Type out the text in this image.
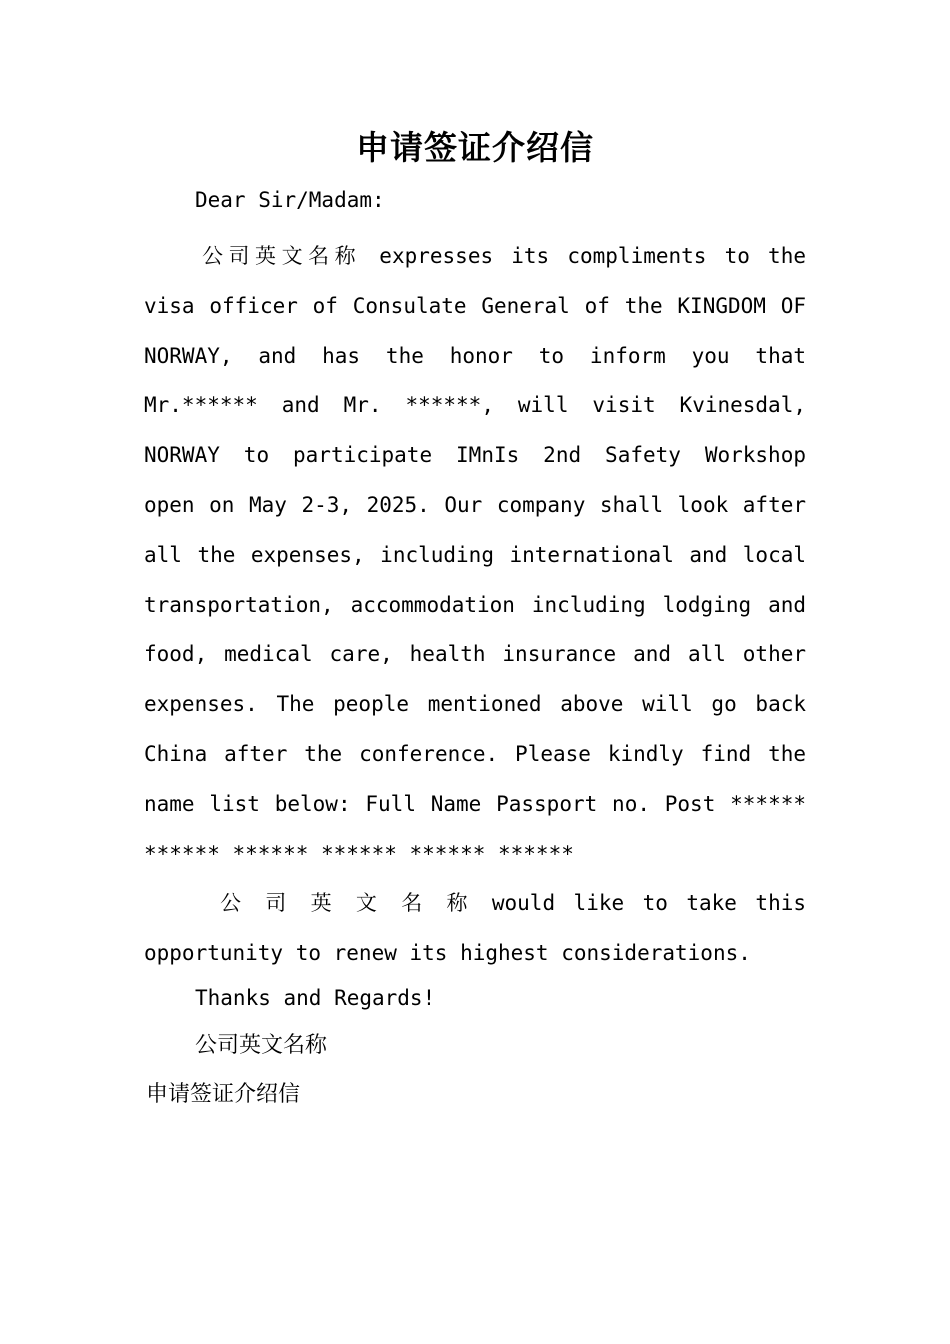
申请签证介绍信
Dear Sir/Madam:
公司英文名称 expresses its compliments to the
visa officer of Consulate General of the KINGDOM OF
NORWAY, and has the honor to inform you that
Mr.****** and Mr. ******, will visit Kvinesdal,
NORWAY to participate IMnIs 2nd Safety Workshop
open on May 2-3, 2025. Our company shall look after
all the expenses, including international and local
transportation, accommodation including lodging and
food, medical care, health insurance and all other
expenses. The people mentioned above will go back
China after the conference. Please kindly find the
name list below: Full Name Passport no. Post ******
****** ****** ****** ****** ******
公 司 英 文 名 称 would like to take this
opportunity to renew its highest considerations.
Thanks and Regards!
公司英文名称
申请签证介绍信
